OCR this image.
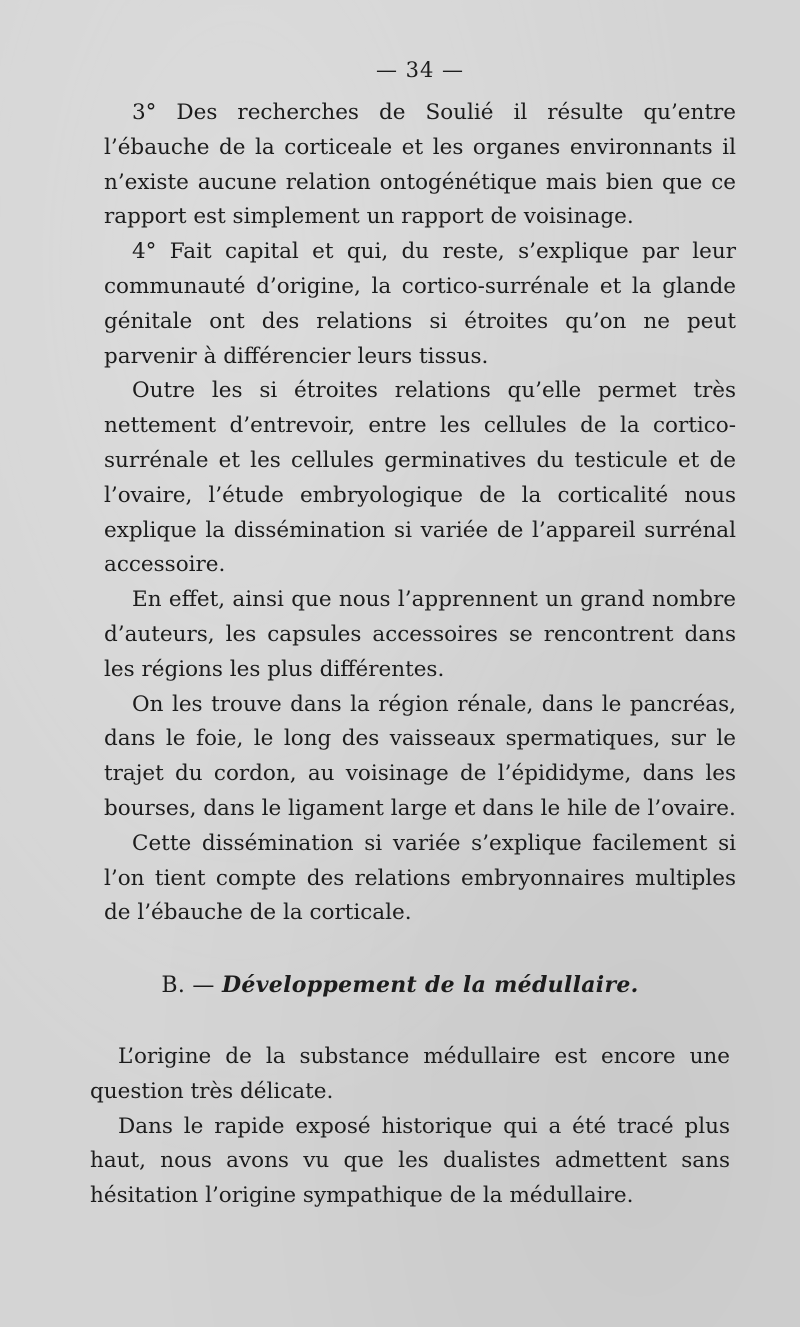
— 34 —

3° Des recherches de Soulié il résulte qu’entre l’ébauche de la corticeale et les organes environnants il n’existe aucune relation ontogénétique mais bien que ce rapport est simplement un rapport de voisinage.

4° Fait capital et qui, du reste, s’explique par leur communauté d’origine, la cortico-surrénale et la glande génitale ont des relations si étroites qu’on ne peut parvenir à différencier leurs tissus.

Outre les si étroites relations qu’elle permet très nettement d’entrevoir, entre les cellules de la cortico-surrénale et les cellules germinatives du testicule et de l’ovaire, l’étude embryologique de la corticalité nous explique la dissémination si variée de l’appareil surrénal accessoire.

En effet, ainsi que nous l’apprennent un grand nombre d’auteurs, les capsules accessoires se rencontrent dans les régions les plus différentes.

On les trouve dans la région rénale, dans le pancréas, dans le foie, le long des vaisseaux spermatiques, sur le trajet du cordon, au voisinage de l’épididyme, dans les bourses, dans le ligament large et dans le hile de l’ovaire.

Cette dissémination si variée s’explique facilement si l’on tient compte des relations embryonnaires multiples de l’ébauche de la corticale.

B. — Développement de la médullaire.

L’origine de la substance médullaire est encore une question très délicate.

Dans le rapide exposé historique qui a été tracé plus haut, nous avons vu que les dualistes admettent sans hésitation l’origine sympathique de la médullaire.
